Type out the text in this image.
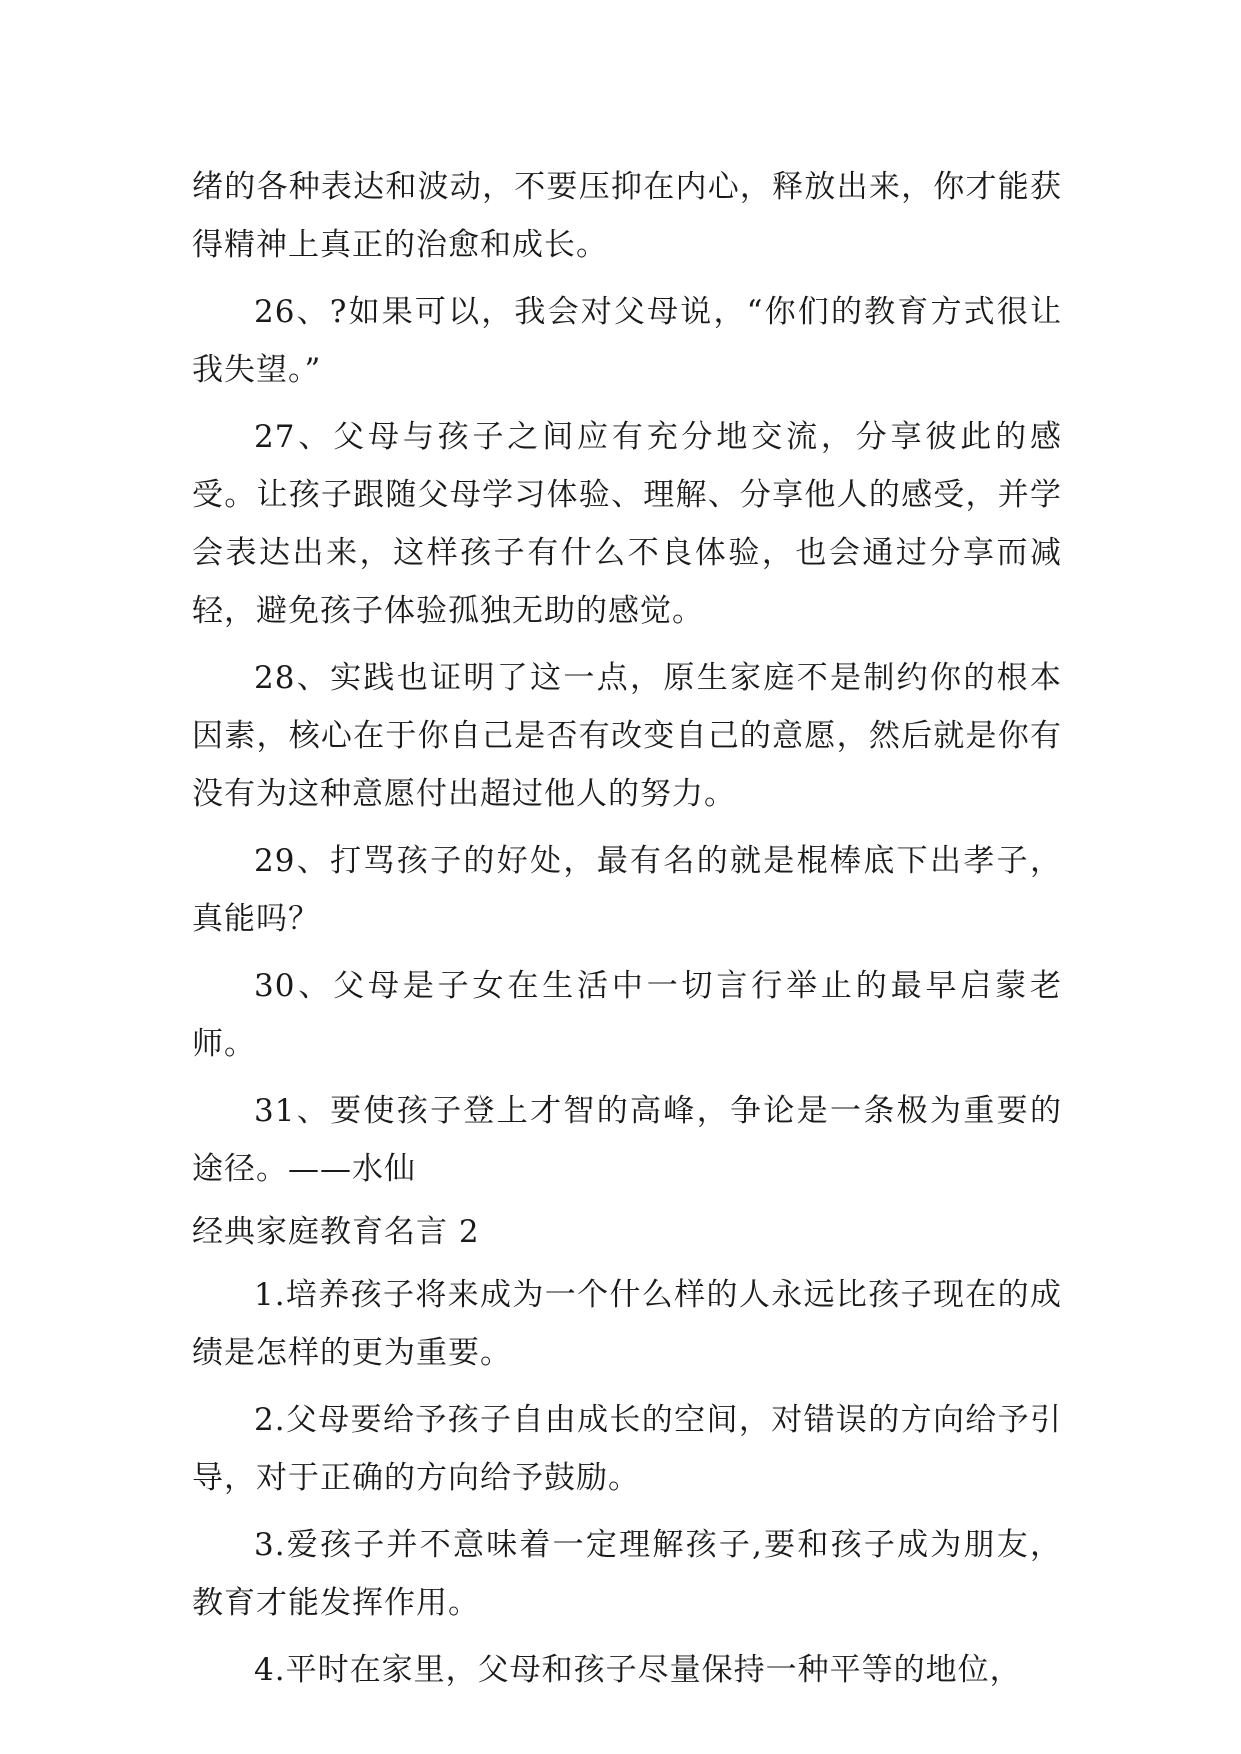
绪的各种表达和波动，不要压抑在内心，释放出来，你才能获得精神上真正的治愈和成长。

26、?如果可以，我会对父母说，“你们的教育方式很让我失望。”

27、父母与孩子之间应有充分地交流，分享彼此的感受。让孩子跟随父母学习体验、理解、分享他人的感受，并学会表达出来，这样孩子有什么不良体验，也会通过分享而减轻，避免孩子体验孤独无助的感觉。

28、实践也证明了这一点，原生家庭不是制约你的根本因素，核心在于你自己是否有改变自己的意愿，然后就是你有没有为这种意愿付出超过他人的努力。

29、打骂孩子的好处，最有名的就是棍棒底下出孝子，真能吗？

30、父母是子女在生活中一切言行举止的最早启蒙老师。

31、要使孩子登上才智的高峰，争论是一条极为重要的途径。——水仙

经典家庭教育名言 2

1.培养孩子将来成为一个什么样的人永远比孩子现在的成绩是怎样的更为重要。

2.父母要给予孩子自由成长的空间，对错误的方向给予引导，对于正确的方向给予鼓励。

3.爱孩子并不意味着一定理解孩子,要和孩子成为朋友，教育才能发挥作用。

4.平时在家里，父母和孩子尽量保持一种平等的地位，
